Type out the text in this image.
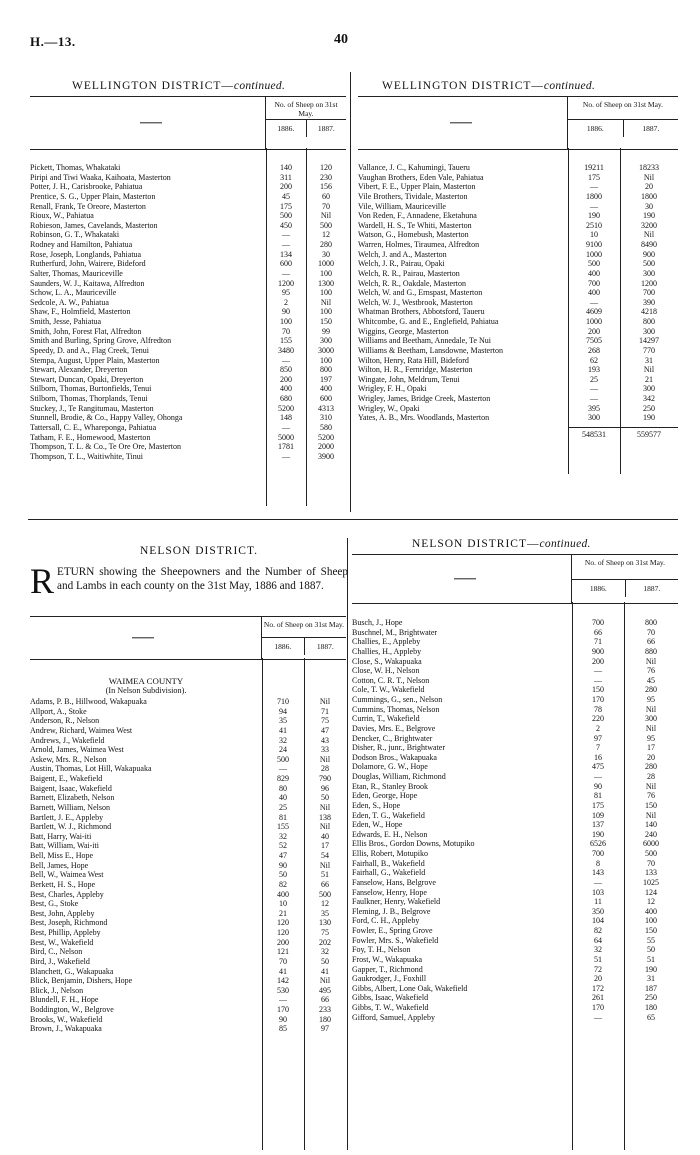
H.—13.	40
WELLINGTON DISTRICT—continued.	WELLINGTON DISTRICT—continued.
No. of Sheep on 31st May.
1886.	1887.
Pickett, Thomas, Whakataki	140	120
Piripi and Tiwi Waaka, Kaihoata, Masterton	311	230
Potter, J. H., Carisbrooke, Pahiatua	200	156
Prentice, S. G., Upper Plain, Masterton	45	60
Renall, Frank, Te Oreore, Masterton	175	70
Rioux, W., Pahiatua	500	Nil
Robieson, James, Cavelands, Masterton	450	500
Robinson, G. T., Whakataki	—	12
Rodney and Hamilton, Pahiatua	—	280
Rose, Joseph, Longlands, Pahiatua	134	30
Rutherfurd, John, Wairere, Bideford	600	1000
Salter, Thomas, Mauriceville	—	100
Saunders, W. J., Kaitawa, Alfredton	1200	1300
Schow, L. A., Mauriceville	95	100
Sedcole, A. W., Pahiatua	2	Nil
Shaw, F., Holmfield, Masterton	90	100
Smith, Jesse, Pahiatua	100	150
Smith, John, Forest Flat, Alfredton	70	99
Smith and Burling, Spring Grove, Alfredton	155	300
Speedy, D. and A., Flag Creek, Tenui	3480	3000
Stempa, August, Upper Plain, Masterton	—	100
Stewart, Alexander, Dreyerton	850	800
Stewart, Duncan, Opaki, Dreyerton	200	197
Stilborn, Thomas, Burtonfields, Tenui	400	400
Stilborn, Thomas, Thorplands, Tenui	680	600
Stuckey, J., Te Rangitumau, Masterton	5200	4313
Stunnell, Brodie, & Co., Happy Valley, Ohonga	148	310
Tattersall, C. E., Whareponga, Pahiatua	—	580
Tatham, F. E., Homewood, Masterton	5000	5200
Thompson, T. L. & Co., Te Ore Ore, Masterton	1781	2000
Thompson, T. L., Waitiwhite, Tinui	—	3900
No. of Sheep on 31st May.
1886.	1887.
Vallance, J. C., Kahumingi, Taueru	19211	18233
Vaughan Brothers, Eden Vale, Pahiatua	175	Nil
Vibert, F. E., Upper Plain, Masterton	—	20
Vile Brothers, Tividale, Masterton	1800	1800
Vile, William, Mauriceville	—	30
Von Reden, F., Annadene, Eketahuna	190	190
Wardell, H. S., Te Whiti, Masterton	2510	3200
Watson, G., Homebush, Masterton	10	Nil
Warren, Holmes, Tiraumea, Alfredton	9100	8490
Welch, J. and A., Masterton	1000	900
Welch, J. R., Pairau, Opaki	500	500
Welch, R. R., Pairau, Masterton	400	300
Welch, R. R., Oakdale, Masterton	700	1200
Welch, W. and G., Ernspast, Masterton	400	700
Welch, W. J., Westbrook, Masterton	—	390
Whatman Brothers, Abbotsford, Taueru	4609	4218
Whitcombe, G. and E., Englefield, Pahiatua	1000	800
Wiggins, George, Masterton	200	300
Williams and Beetham, Annedale, Te Nui	7505	14297
Williams & Beetham, Lansdowne, Masterton	268	770
Wilton, Henry, Rata Hill, Bideford	62	31
Wilton, H. R., Fernridge, Masterton	193	Nil
Wingate, John, Meldrum, Tenui	25	21
Wrigley, F. H., Opaki	—	300
Wrigley, James, Bridge Creek, Masterton	—	342
Wrigley, W., Opaki	395	250
Yates, A. B., Mrs. Woodlands, Masterton	300	190
548531	559577
NELSON DISTRICT.
RETURN showing the Sheepowners and the Number of Sheep and Lambs in each county on the 31st May, 1886 and 1887.
No. of Sheep on 31st May.
1886.	1887.
WAIMEA COUNTY
(In Nelson Subdivision).
Adams, P. B., Hillwood, Wakapuaka	710	Nil
Allport, A., Stoke	94	71
Anderson, R., Nelson	35	75
Andrew, Richard, Waimea West	41	47
Andrews, J., Wakefield	32	43
Arnold, James, Waimea West	24	33
Askew, Mrs. R., Nelson	500	Nil
Austin, Thomas, Lot Hill, Wakapuaka	—	28
Baigent, E., Wakefield	829	790
Baigent, Isaac, Wakefield	80	96
Barnett, Elizabeth, Nelson	40	50
Barnett, William, Nelson	25	Nil
Bartlett, J. E., Appleby	81	138
Bartlett, W. J., Richmond	155	Nil
Batt, Harry, Wai-iti	32	40
Batt, William, Wai-iti	52	17
Bell, Miss E., Hope	47	54
Bell, James, Hope	90	Nil
Bell, W., Waimea West	50	51
Berkett, H. S., Hope	82	66
Best, Charles, Appleby	400	500
Best, G., Stoke	10	12
Best, John, Appleby	21	35
Best, Joseph, Richmond	120	130
Best, Phillip, Appleby	120	75
Best, W., Wakefield	200	202
Bird, C., Nelson	121	32
Bird, J., Wakefield	70	50
Blanchett, G., Wakapuaka	41	41
Blick, Benjamin, Dishers, Hope	142	Nil
Blick, J., Nelson	530	495
Blundell, F. H., Hope	—	66
Boddington, W., Belgrove	170	233
Brooks, W., Wakefield	90	180
Brown, J., Wakapuaka	85	97
NELSON DISTRICT—continued.
No. of Sheep on 31st May.
1886.	1887.
Busch, J., Hope	700	800
Buschnel, M., Brightwater	66	70
Challies, E., Appleby	71	66
Challies, H., Appleby	900	880
Close, S., Wakapuaka	200	Nil
Close, W. H., Nelson	—	76
Cotton, C. R. T., Nelson	—	45
Cole, T. W., Wakefield	150	280
Cummings, G., sen., Nelson	170	95
Cummins, Thomas, Nelson	78	Nil
Currin, T., Wakefield	220	300
Davies, Mrs. E., Belgrove	2	Nil
Dencker, C., Brightwater	97	95
Disher, R., junr., Brightwater	7	17
Dodson Bros., Wakapuaka	16	20
Dolamore, G. W., Hope	475	280
Douglas, William, Richmond	—	28
Etan, R., Stanley Brook	90	Nil
Eden, George, Hope	81	76
Eden, S., Hope	175	150
Eden, T. G., Wakefield	109	Nil
Eden, W., Hope	137	140
Edwards, E. H., Nelson	190	240
Ellis Bros., Gordon Downs, Motupiko	6526	6000
Ellis, Robert, Motupiko	700	500
Fairhall, B., Wakefield	8	70
Fairhall, G., Wakefield	143	133
Fanselow, Hans, Belgrove	—	1025
Fanselow, Henry, Hope	103	124
Faulkner, Henry, Wakefield	11	12
Fleming, J. B., Belgrove	350	400
Ford, C. H., Appleby	104	100
Fowler, E., Spring Grove	82	150
Fowler, Mrs. S., Wakefield	64	55
Foy, T. H., Nelson	32	50
Frost, W., Wakapuaka	51	51
Gapper, T., Richmond	72	190
Gaukrodger, J., Foxhill	20	31
Gibbs, Albert, Lone Oak, Wakefield	172	187
Gibbs, Isaac, Wakefield	261	250
Gibbs, T. W., Wakefield	170	180
Gifford, Samuel, Appleby	—	65
